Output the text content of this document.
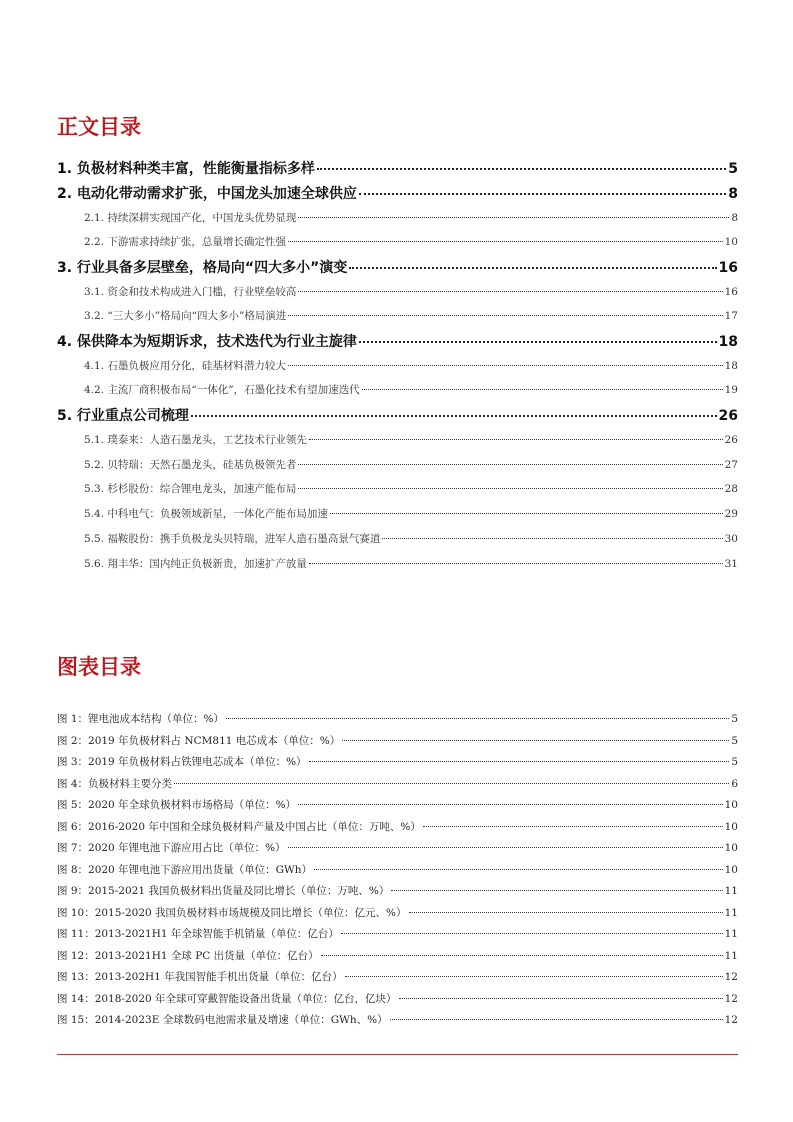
正文目录
1. 负极材料种类丰富，性能衡量指标多样	5
2. 电动化带动需求扩张，中国龙头加速全球供应	8
2.1. 持续深耕实现国产化，中国龙头优势显现	8
2.2. 下游需求持续扩张，总量增长确定性强	10
3. 行业具备多层壁垒，格局向“四大多小”演变	16
3.1. 资金和技术构成进入门槛，行业壁垒较高	16
3.2. “三大多小”格局向“四大多小”格局演进	17
4. 保供降本为短期诉求，技术迭代为行业主旋律	18
4.1. 石墨负极应用分化，硅基材料潜力较大	18
4.2. 主流厂商积极布局“一体化”，石墨化技术有望加速迭代	19
5. 行业重点公司梳理	26
5.1. 璞泰来：人造石墨龙头，工艺技术行业领先	26
5.2. 贝特瑞：天然石墨龙头，硅基负极领先者	27
5.3. 杉杉股份：综合锂电龙头，加速产能布局	28
5.4. 中科电气：负极领域新星，一体化产能布局加速	29
5.5. 福鞍股份：携手负极龙头贝特瑞，进军人造石墨高景气赛道	30
5.6. 翔丰华：国内纯正负极新贵，加速扩产放量	31
图表目录
图 1：锂电池成本结构（单位：%）	5
图 2：2019 年负极材料占 NCM811 电芯成本（单位：%）	5
图 3：2019 年负极材料占铁锂电芯成本（单位：%）	5
图 4：负极材料主要分类	6
图 5：2020 年全球负极材料市场格局（单位：%）	10
图 6：2016-2020 年中国和全球负极材料产量及中国占比（单位：万吨、%）	10
图 7：2020 年锂电池下游应用占比（单位：%）	10
图 8：2020 年锂电池下游应用出货量（单位：GWh）	10
图 9：2015-2021 我国负极材料出货量及同比增长（单位：万吨、%）	11
图 10：2015-2020 我国负极材料市场规模及同比增长（单位：亿元、%）	11
图 11：2013-2021H1 年全球智能手机销量（单位：亿台）	11
图 12：2013-2021H1 全球 PC 出货量（单位：亿台）	11
图 13：2013-202H1 年我国智能手机出货量（单位：亿台）	12
图 14：2018-2020 年全球可穿戴智能设备出货量（单位：亿台，亿块）	12
图 15：2014-2023E 全球数码电池需求量及增速（单位：GWh、%）	12
